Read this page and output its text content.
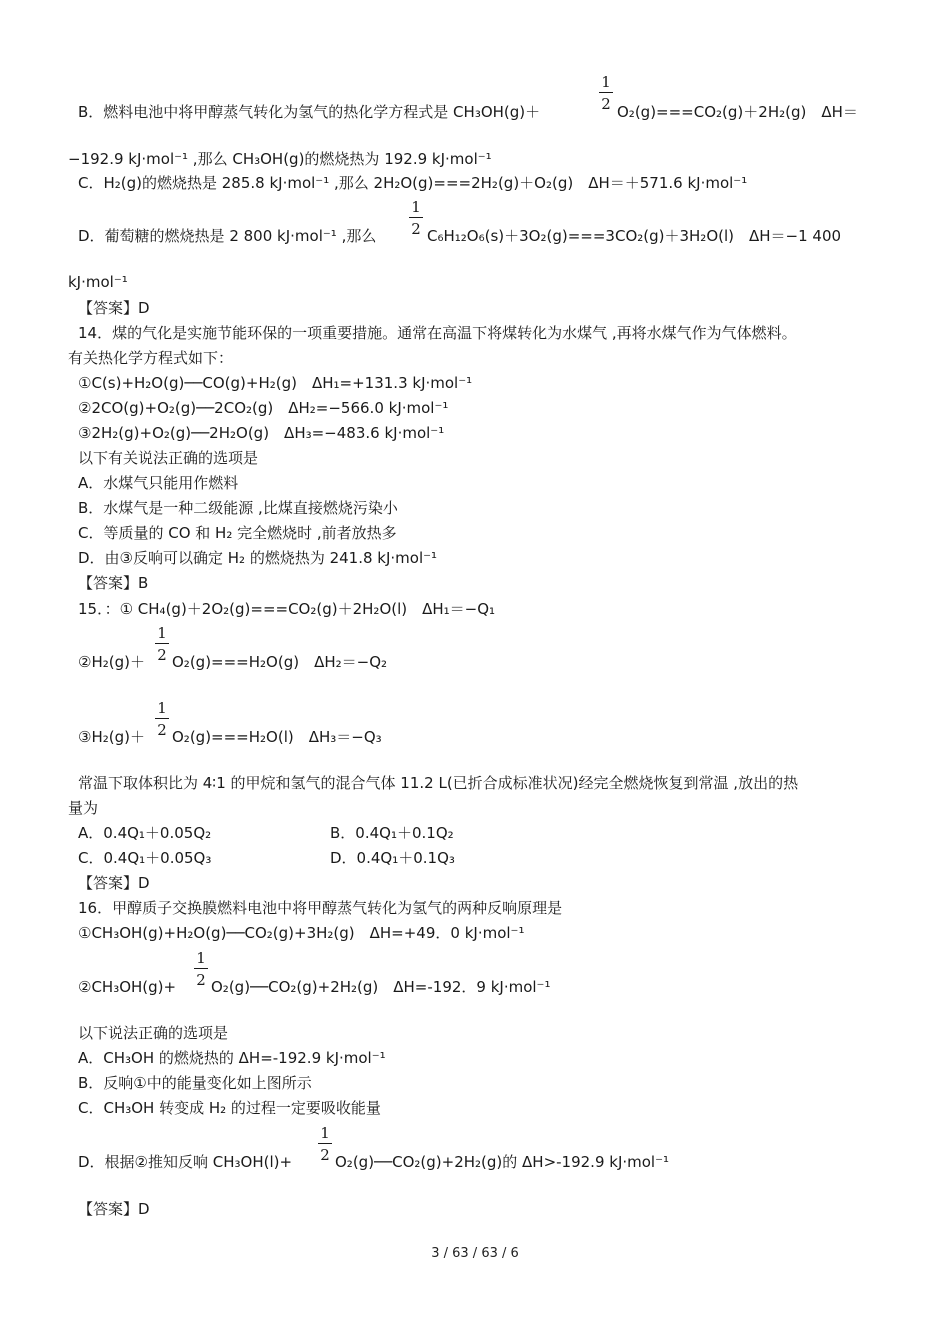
B．燃料电池中将甲醇蒸气转化为氢气的热化学方程式是 CH₃OH(g)＋
1
2 O₂(g)===CO₂(g)＋2H₂(g)　ΔH＝
−192.9 kJ·mol⁻¹ ,那么 CH₃OH(g)的燃烧热为 192.9 kJ·mol⁻¹
C．H₂(g)的燃烧热是 285.8 kJ·mol⁻¹ ,那么 2H₂O(g)===2H₂(g)＋O₂(g)　ΔH＝＋571.6 kJ·mol⁻¹
D．葡萄糖的燃烧热是 2 800 kJ·mol⁻¹ ,那么
1
2 C₆H₁₂O₆(s)＋3O₂(g)===3CO₂(g)＋3H₂O(l)　ΔH＝−1 400
kJ·mol⁻¹
【答案】D
14．煤的气化是实施节能环保的一项重要措施。通常在高温下将煤转化为水煤气 ,再将水煤气作为气体燃料。
有关热化学方程式如下：
①C(s)+H₂O(g)──CO(g)+H₂(g)　ΔH₁=+131.3 kJ·mol⁻¹
②2CO(g)+O₂(g)──2CO₂(g)　ΔH₂=−566.0 kJ·mol⁻¹
③2H₂(g)+O₂(g)──2H₂O(g)　ΔH₃=−483.6 kJ·mol⁻¹
以下有关说法正确的选项是
A．水煤气只能用作燃料
B．水煤气是一种二级能源 ,比煤直接燃烧污染小
C．等质量的 CO 和 H₂ 完全燃烧时 ,前者放热多
D．由③反响可以确定 H₂ 的燃烧热为 241.8 kJ·mol⁻¹
【答案】B
15．：① CH₄(g)＋2O₂(g)===CO₂(g)＋2H₂O(l)　ΔH₁＝−Q₁
②H₂(g)＋
1
2 O₂(g)===H₂O(g)　ΔH₂＝−Q₂
③H₂(g)＋
1
2 O₂(g)===H₂O(l)　ΔH₃＝−Q₃
常温下取体积比为 4∶1 的甲烷和氢气的混合气体 11.2 L(已折合成标准状况)经完全燃烧恢复到常温 ,放出的热
量为
A．0.4Q₁＋0.05Q₂	B．0.4Q₁＋0.1Q₂
C．0.4Q₁＋0.05Q₃	D．0.4Q₁＋0.1Q₃
【答案】D
16．甲醇质子交换膜燃料电池中将甲醇蒸气转化为氢气的两种反响原理是
①CH₃OH(g)+H₂O(g)──CO₂(g)+3H₂(g)　ΔH=+49．0 kJ·mol⁻¹
②CH₃OH(g)+
1
2 O₂(g)──CO₂(g)+2H₂(g)　ΔH=-192．9 kJ·mol⁻¹
以下说法正确的选项是
A．CH₃OH 的燃烧热的 ΔH=-192.9 kJ·mol⁻¹
B．反响①中的能量变化如上图所示
C．CH₃OH 转变成 H₂ 的过程一定要吸收能量
D．根据②推知反响 CH₃OH(l)+
1
2 O₂(g)──CO₂(g)+2H₂(g)的 ΔH>-192.9 kJ·mol⁻¹
【答案】D
3 / 63 / 63 / 6
